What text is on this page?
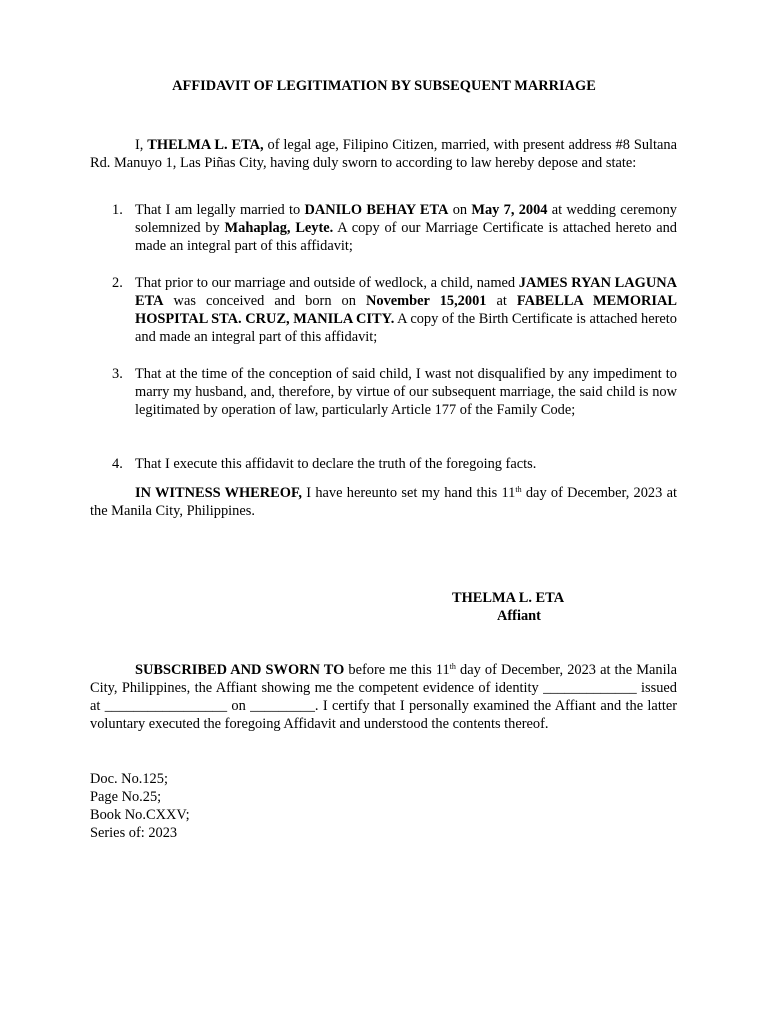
AFFIDAVIT OF LEGITIMATION BY SUBSEQUENT MARRIAGE

I, THELMA L. ETA, of legal age, Filipino Citizen, married, with present address #8 Sultana Rd. Manuyo 1, Las Piñas City, having duly sworn to according to law hereby depose and state:

1. That I am legally married to DANILO BEHAY ETA on May 7, 2004 at wedding ceremony solemnized by Mahaplag, Leyte. A copy of our Marriage Certificate is attached hereto and made an integral part of this affidavit;
2. That prior to our marriage and outside of wedlock, a child, named JAMES RYAN LAGUNA ETA was conceived and born on November 15,2001 at FABELLA MEMORIAL HOSPITAL STA. CRUZ, MANILA CITY. A copy of the Birth Certificate is attached hereto and made an integral part of this affidavit;
3. That at the time of the conception of said child, I wast not disqualified by any impediment to marry my husband, and, therefore, by virtue of our subsequent marriage, the said child is now legitimated by operation of law, particularly Article 177 of the Family Code;
4. That I execute this affidavit to declare the truth of the foregoing facts.

IN WITNESS WHEREOF, I have hereunto set my hand this 11th day of December, 2023 at the Manila City, Philippines.

THELMA L. ETA
Affiant

SUBSCRIBED AND SWORN TO before me this 11th day of December, 2023 at the Manila City, Philippines, the Affiant showing me the competent evidence of identity _____________ issued at _________________ on _________. I certify that I personally examined the Affiant and the latter voluntary executed the foregoing Affidavit and understood the contents thereof.

Doc. No.125;
Page No.25;
Book No.CXXV;
Series of: 2023
